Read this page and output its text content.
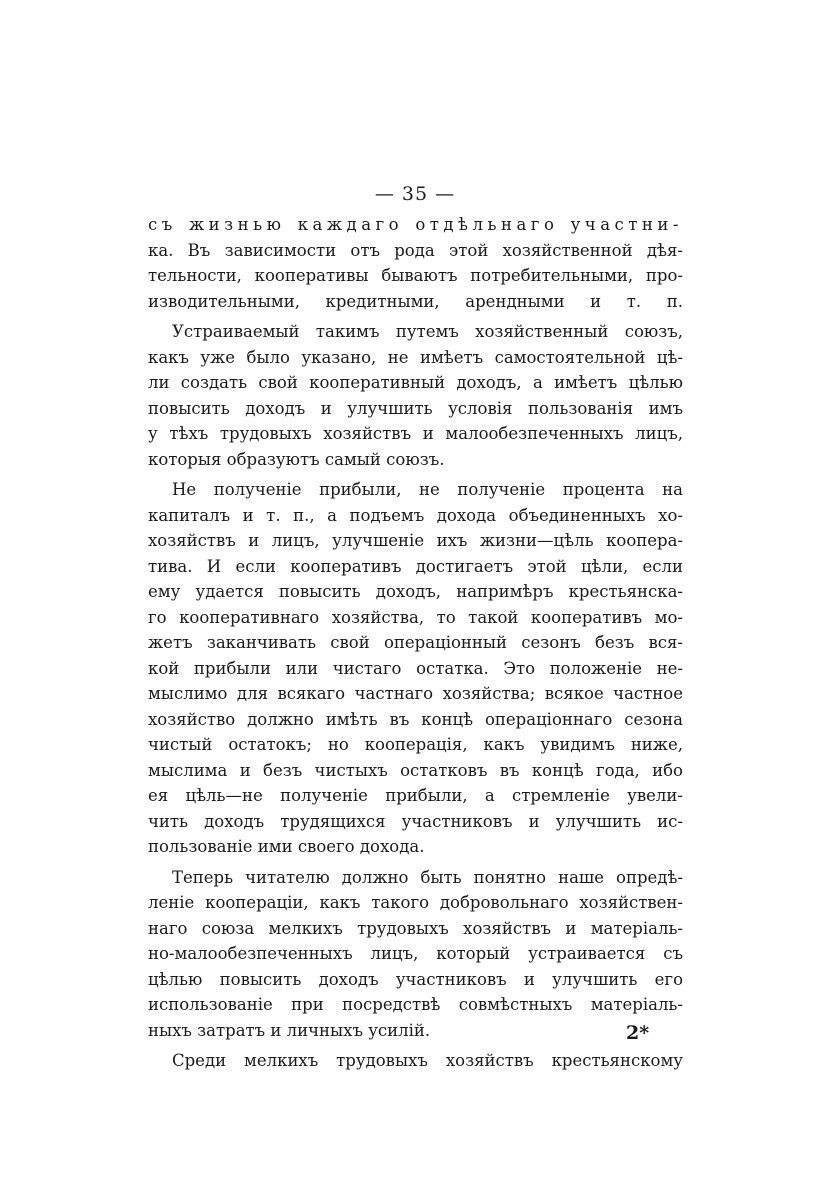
— 35 —
съ жизнью каждаго отдѣльнаго участни-
ка. Въ зависимости отъ рода этой хозяйственной дѣя-
тельности, кооперативы бываютъ потребительными, про-
изводительными, кредитными, арендными и т. п.
Устраиваемый такимъ путемъ хозяйственный союзъ,
какъ уже было указано, не имѣетъ самостоятельной цѣ-
ли создать свой кооперативный доходъ, а имѣетъ цѣлью
повысить доходъ и улучшить условія пользованія имъ
у тѣхъ трудовыхъ хозяйствъ и малообезпеченныхъ лицъ,
которыя образуютъ самый союзъ.
Не полученіе прибыли, не полученіе процента на
капиталъ и т. п., а подъемъ дохода объединенныхъ хо-
хозяйствъ и лицъ, улучшеніе ихъ жизни—цѣль коопера-
тива. И если кооперативъ достигаетъ этой цѣли, если
ему удается повысить доходъ, напримѣръ крестьянска-
го кооперативнаго хозяйства, то такой кооперативъ мо-
жетъ заканчивать свой операціонный сезонъ безъ вся-
кой прибыли или чистаго остатка. Это положеніе не-
мыслимо для всякаго частнаго хозяйства; всякое частное
хозяйство должно имѣть въ концѣ операціоннаго сезона
чистый остатокъ; но кооперація, какъ увидимъ ниже,
мыслима и безъ чистыхъ остатковъ въ концѣ года, ибо
ея цѣль—не полученіе прибыли, а стремленіе увели-
чить доходъ трудящихся участниковъ и улучшить ис-
пользованіе ими своего дохода.
Теперь читателю должно быть понятно наше опредѣ-
леніе коопераціи, какъ такого добровольнаго хозяйствен-
наго союза мелкихъ трудовыхъ хозяйствъ и матеріаль-
но-малообезпеченныхъ лицъ, который устраивается съ
цѣлью повысить доходъ участниковъ и улучшить его
использованіе при посредствѣ совмѣстныхъ матеріаль-
ныхъ затратъ и личныхъ усилій.
Среди мелкихъ трудовыхъ хозяйствъ крестьянскому
2*
